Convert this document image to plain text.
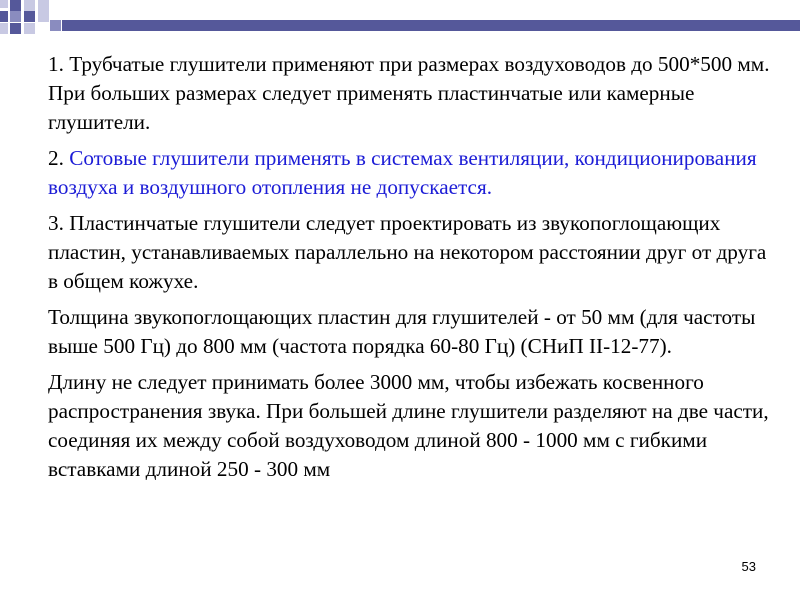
1. Трубчатые глушители применяют при размерах воздуховодов до 500*500 мм. При больших размерах следует применять пластинчатые или камерные глушители.

2. Сотовые глушители применять в системах вентиляции, кондиционирования воздуха и воздушного отопления не допускается.

3. Пластинчатые глушители следует проектировать из звукопоглощающих пластин, устанавливаемых параллельно на некотором расстоянии друг от друга в общем кожухе.

Толщина звукопоглощающих пластин для глушителей - от 50 мм (для частоты выше 500 Гц) до 800 мм (частота порядка 60-80 Гц) (СНиП II-12-77).

Длину не следует принимать более 3000 мм, чтобы избежать косвенного распространения звука. При большей длине глушители разделяют на две части, соединяя их между собой воздуховодом длиной 800 - 1000 мм с гибкими вставками длиной 250 - 300 мм

53
